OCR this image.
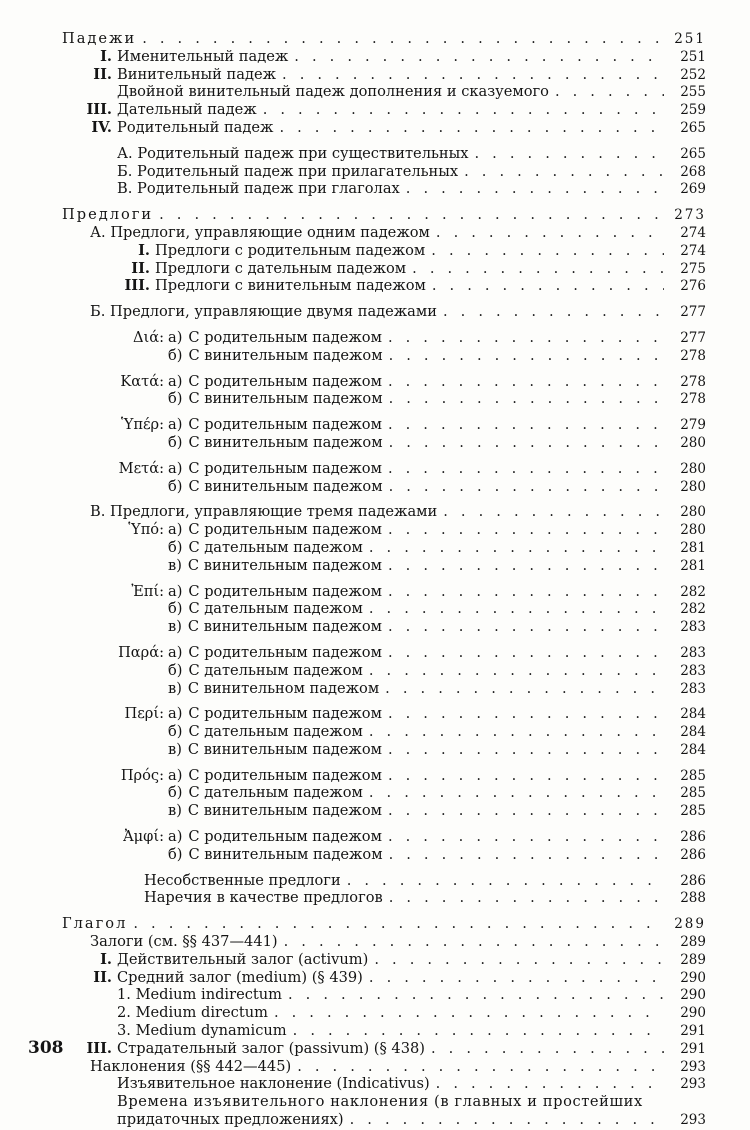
Падежи . . .	251
I. Именительный падеж . . .	251
II. Винительный падеж . . .	252
Двойной винительный падеж дополнения и сказуемого . . .	255
III. Дательный падеж . . .	259
IV. Родительный падеж . . .	265
А. Родительный падеж при существительных . . .	265
Б. Родительный падеж при прилагательных . . .	268
В. Родительный падеж при глаголах . . .	269
Предлоги . . .	273
А. Предлоги, управляющие одним падежом . . .	274
I. Предлоги с родительным падежом . . .	274
II. Предлоги с дательным падежом . . .	275
III. Предлоги с винительным падежом . . .	276
Б. Предлоги, управляющие двумя падежами . . .	277
Διά: а) С родительным падежом . . .	277
б) С винительным падежом . . .	278
Κατά: а) С родительным падежом . . .	278
б) С винительным падежом . . .	278
Ὑπέρ: а) С родительным падежом . . .	279
б) С винительным падежом . . .	280
Μετά: а) С родительным падежом . . .	280
б) С винительным падежом . . .	280
В. Предлоги, управляющие тремя падежами . . .	280
Ὑπό: а) С родительным падежом . . .	280
б) С дательным падежом . . .	281
в) С винительным падежом . . .	281
Ἐπί: а) С родительным падежом . . .	282
б) С дательным падежом . . .	282
в) С винительным падежом . . .	283
Παρά: а) С родительным падежом . . .	283
б) С дательным падежом . . .	283
в) С винительном падежом . . .	283
Περί: а) С родительным падежом . . .	284
б) С дательным падежом . . .	284
в) С винительным падежом . . .	284
Πρός: а) С родительным падежом . . .	285
б) С дательным падежом . . .	285
в) С винительным падежом . . .	285
Ἀμφί: а) С родительным падежом . . .	286
б) С винительным падежом . . .	286
Несобственные предлоги . . .	286
Наречия в качестве предлогов . . .	288
Глагол . . .	289
Залоги (см. §§ 437—441) . . .	289
I. Действительный залог (activum) . . .	289
II. Средний залог (medium) (§ 439) . . .	290
1. Medium indirectum . . .	290
2. Medium directum . . .	290
3. Medium dynamicum . . .	291
III. Страдательный залог (passivum) (§ 438) . . .	291
Наклонения (§§ 442—445) . . .	293
Изъявительное наклонение (Indicativus) . . .	293
Времена изъявительного наклонения (в главных и простейших
придаточных предложениях) . . .	293
308
